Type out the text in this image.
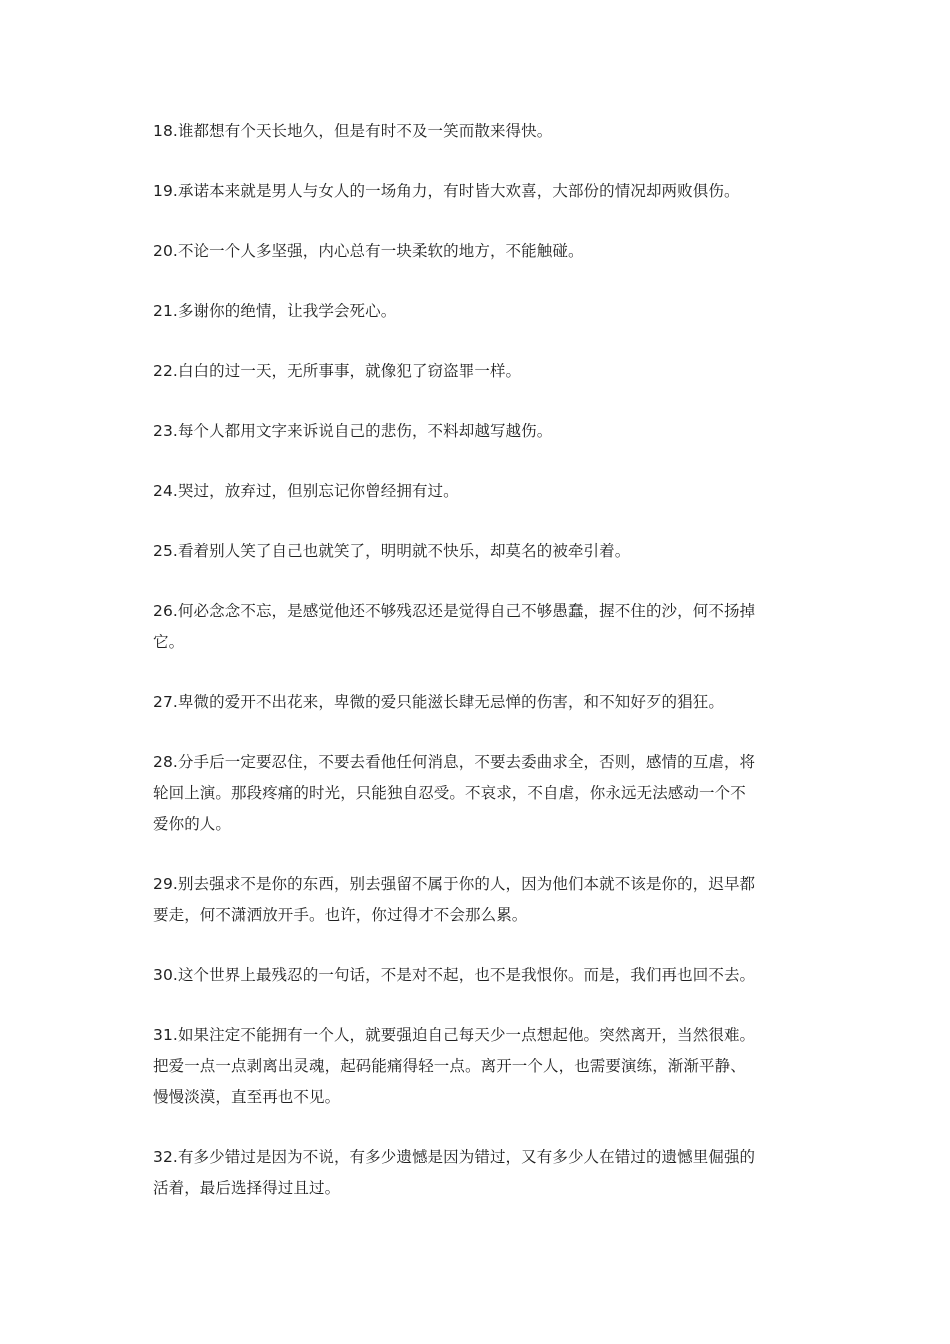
18.谁都想有个天长地久，但是有时不及一笑而散来得快。
19.承诺本来就是男人与女人的一场角力，有时皆大欢喜，大部份的情况却两败俱伤。
20.不论一个人多坚强，内心总有一块柔软的地方，不能触碰。
21.多谢你的绝情，让我学会死心。
22.白白的过一天，无所事事，就像犯了窃盗罪一样。
23.每个人都用文字来诉说自己的悲伤，不料却越写越伤。
24.哭过，放弃过，但别忘记你曾经拥有过。
25.看着别人笑了自己也就笑了，明明就不快乐，却莫名的被牵引着。
26.何必念念不忘，是感觉他还不够残忍还是觉得自己不够愚蠢，握不住的沙，何不扬掉
它。
27.卑微的爱开不出花来，卑微的爱只能滋长肆无忌惮的伤害，和不知好歹的猖狂。
28.分手后一定要忍住，不要去看他任何消息，不要去委曲求全，否则，感情的互虐，将
轮回上演。那段疼痛的时光，只能独自忍受。不哀求，不自虐，你永远无法感动一个不
爱你的人。
29.别去强求不是你的东西，别去强留不属于你的人，因为他们本就不该是你的，迟早都
要走，何不潇洒放开手。也许，你过得才不会那么累。
30.这个世界上最残忍的一句话，不是对不起，也不是我恨你。而是，我们再也回不去。
31.如果注定不能拥有一个人，就要强迫自己每天少一点想起他。突然离开，当然很难。
把爱一点一点剥离出灵魂，起码能痛得轻一点。离开一个人，也需要演练，渐渐平静、
慢慢淡漠，直至再也不见。
32.有多少错过是因为不说，有多少遗憾是因为错过，又有多少人在错过的遗憾里倔强的
活着，最后选择得过且过。
